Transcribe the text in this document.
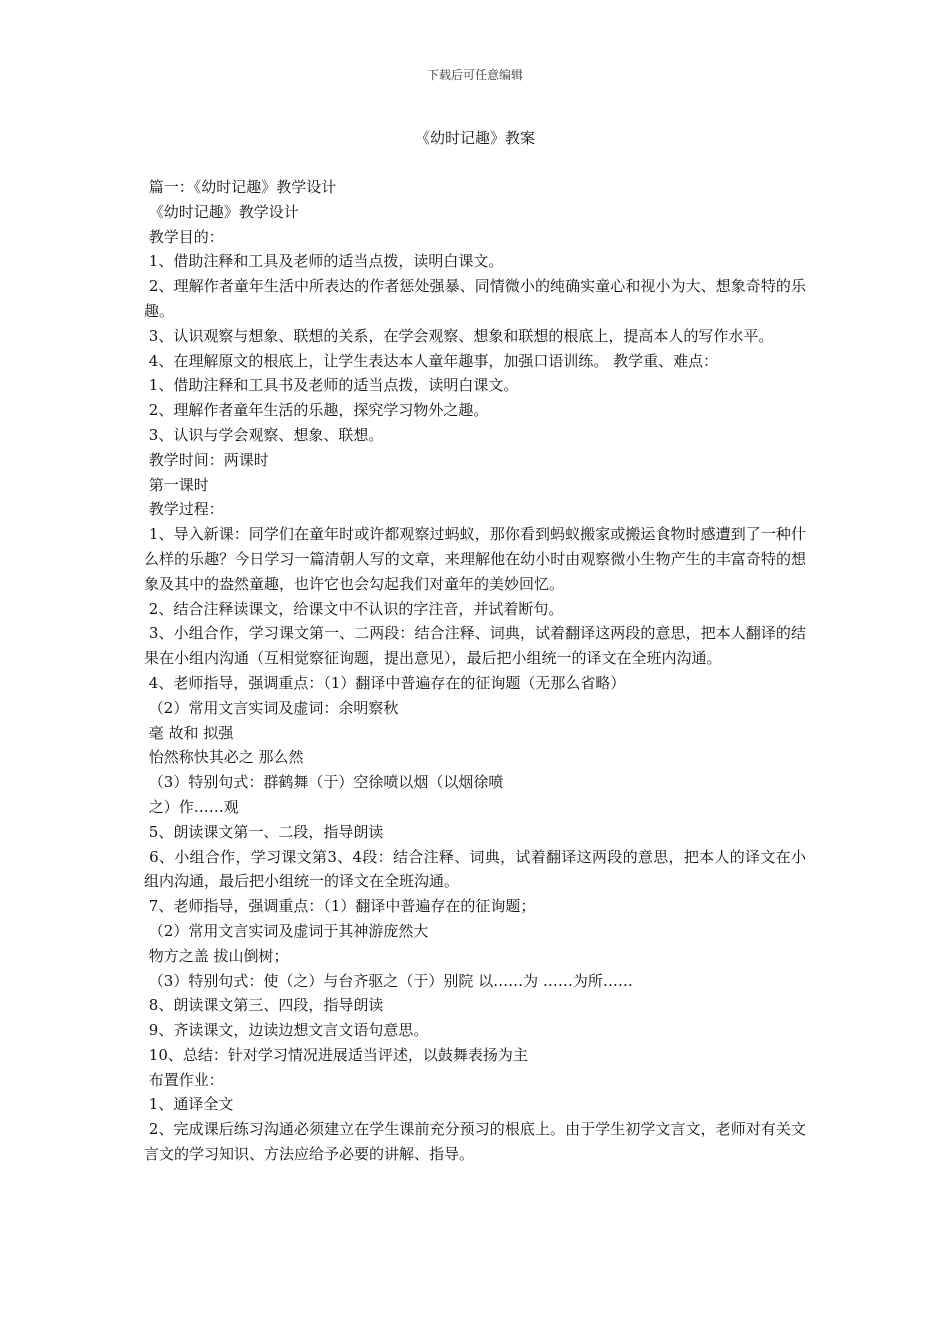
下载后可任意编辑
《幼时记趣》教案
篇一：《幼时记趣》教学设计
《幼时记趣》教学设计
教学目的：
1、借助注释和工具及老师的适当点拨，读明白课文。
2、理解作者童年生活中所表达的作者惩处强暴、同情微小的纯确实童心和视小为大、想象奇特的乐趣。
3、认识观察与想象、联想的关系，在学会观察、想象和联想的根底上，提高本人的写作水平。
4、在理解原文的根底上，让学生表达本人童年趣事，加强口语训练。 教学重、难点：
1、借助注释和工具书及老师的适当点拨，读明白课文。
2、理解作者童年生活的乐趣，探究学习物外之趣。
3、认识与学会观察、想象、联想。
教学时间：两课时
第一课时
教学过程：
1、导入新课：同学们在童年时或许都观察过蚂蚁，那你看到蚂蚁搬家或搬运食物时感遭到了一种什么样的乐趣？今日学习一篇清朝人写的文章，来理解他在幼小时由观察微小生物产生的丰富奇特的想象及其中的盎然童趣，也许它也会勾起我们对童年的美妙回忆。
2、结合注释读课文，给课文中不认识的字注音，并试着断句。
3、小组合作，学习课文第一、二两段：结合注释、词典，试着翻译这两段的意思，把本人翻译的结果在小组内沟通（互相觉察征询题，提出意见），最后把小组统一的译文在全班内沟通。
4、老师指导，强调重点：（1）翻译中普遍存在的征询题（无那么省略）
（2）常用文言实词及虚词：余明察秋
毫 故和 拟强
怡然称快其必之 那么然
（3）特别句式：群鹤舞（于）空徐喷以烟（以烟徐喷
之）作……观
5、朗读课文第一、二段，指导朗读
6、小组合作，学习课文第3、4段：结合注释、词典，试着翻译这两段的意思，把本人的译文在小组内沟通，最后把小组统一的译文在全班沟通。
7、老师指导，强调重点：（1）翻译中普遍存在的征询题；
（2）常用文言实词及虚词于其神游庞然大
物方之盖 拔山倒树；
（3）特别句式：使（之）与台齐驱之（于）别院 以……为 ……为所……
8、朗读课文第三、四段，指导朗读
9、齐读课文，边读边想文言文语句意思。
10、总结：针对学习情况进展适当评述，以鼓舞表扬为主
布置作业：
1、通译全文
2、完成课后练习沟通必须建立在学生课前充分预习的根底上。由于学生初学文言文，老师对有关文言文的学习知识、方法应给予必要的讲解、指导。
